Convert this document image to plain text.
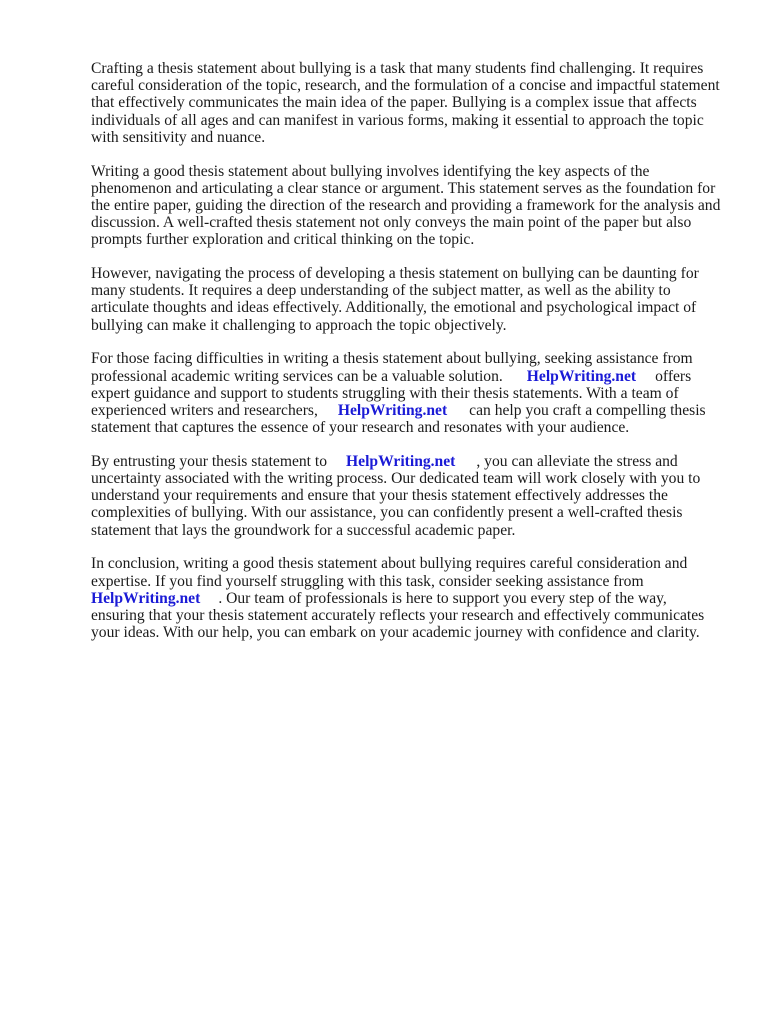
Crafting a thesis statement about bullying is a task that many students find challenging. It requires
careful consideration of the topic, research, and the formulation of a concise and impactful statement
that effectively communicates the main idea of the paper. Bullying is a complex issue that affects
individuals of all ages and can manifest in various forms, making it essential to approach the topic
with sensitivity and nuance.

Writing a good thesis statement about bullying involves identifying the key aspects of the
phenomenon and articulating a clear stance or argument. This statement serves as the foundation for
the entire paper, guiding the direction of the research and providing a framework for the analysis and
discussion. A well-crafted thesis statement not only conveys the main point of the paper but also
prompts further exploration and critical thinking on the topic.

However, navigating the process of developing a thesis statement on bullying can be daunting for
many students. It requires a deep understanding of the subject matter, as well as the ability to
articulate thoughts and ideas effectively. Additionally, the emotional and psychological impact of
bullying can make it challenging to approach the topic objectively.

For those facing difficulties in writing a thesis statement about bullying, seeking assistance from
professional academic writing services can be a valuable solution. HelpWriting.net offers
expert guidance and support to students struggling with their thesis statements. With a team of
experienced writers and researchers, HelpWriting.net can help you craft a compelling thesis
statement that captures the essence of your research and resonates with your audience.

By entrusting your thesis statement to HelpWriting.net , you can alleviate the stress and
uncertainty associated with the writing process. Our dedicated team will work closely with you to
understand your requirements and ensure that your thesis statement effectively addresses the
complexities of bullying. With our assistance, you can confidently present a well-crafted thesis
statement that lays the groundwork for a successful academic paper.

In conclusion, writing a good thesis statement about bullying requires careful consideration and
expertise. If you find yourself struggling with this task, consider seeking assistance from
HelpWriting.net . Our team of professionals is here to support you every step of the way,
ensuring that your thesis statement accurately reflects your research and effectively communicates
your ideas. With our help, you can embark on your academic journey with confidence and clarity.
